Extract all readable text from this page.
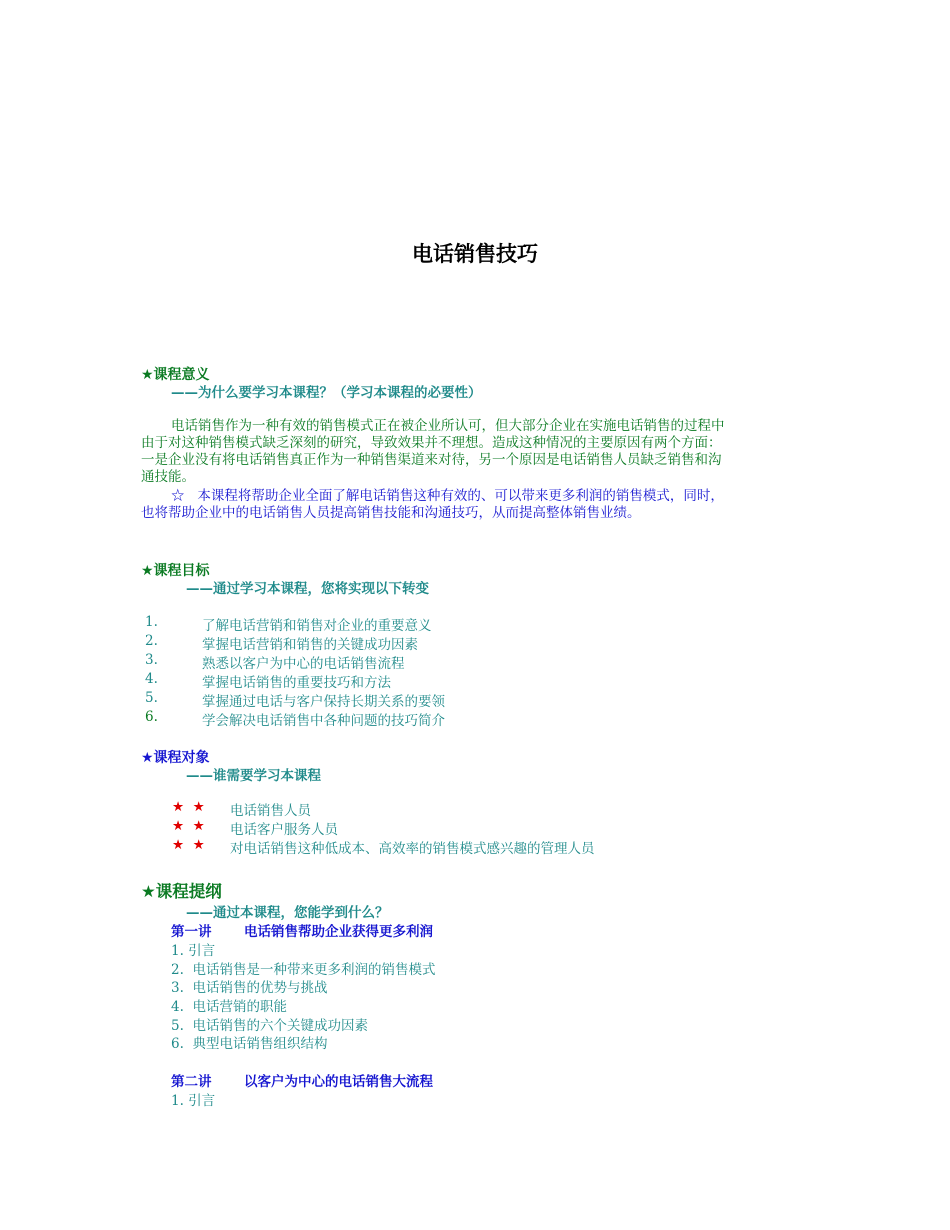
电话销售技巧
★课程意义
——为什么要学习本课程？（学习本课程的必要性）
电话销售作为一种有效的销售模式正在被企业所认可，但大部分企业在实施电话销售的过程中
由于对这种销售模式缺乏深刻的研究，导致效果并不理想。造成这种情况的主要原因有两个方面：
一是企业没有将电话销售真正作为一种销售渠道来对待，另一个原因是电话销售人员缺乏销售和沟
通技能。
☆   本课程将帮助企业全面了解电话销售这种有效的、可以带来更多利润的销售模式，同时，
也将帮助企业中的电话销售人员提高销售技能和沟通技巧，从而提高整体销售业绩。
★课程目标
——通过学习本课程，您将实现以下转变
1.	了解电话营销和销售对企业的重要意义
2.	掌握电话营销和销售的关键成功因素
3.	熟悉以客户为中心的电话销售流程
4.	掌握电话销售的重要技巧和方法
5.	掌握通过电话与客户保持长期关系的要领
6.	学会解决电话销售中各种问题的技巧简介
★课程对象
——谁需要学习本课程
★  ★ 电话销售人员
★  ★ 电话客户服务人员
★  ★ 对电话销售这种低成本、高效率的销售模式感兴趣的管理人员
★课程提纲
——通过本课程，您能学到什么？
第一讲 电话销售帮助企业获得更多利润
1. 引言
2.  电话销售是一种带来更多利润的销售模式
3.  电话销售的优势与挑战
4.  电话营销的职能
5.  电话销售的六个关键成功因素
6.  典型电话销售组织结构
第二讲 以客户为中心的电话销售大流程
1. 引言
